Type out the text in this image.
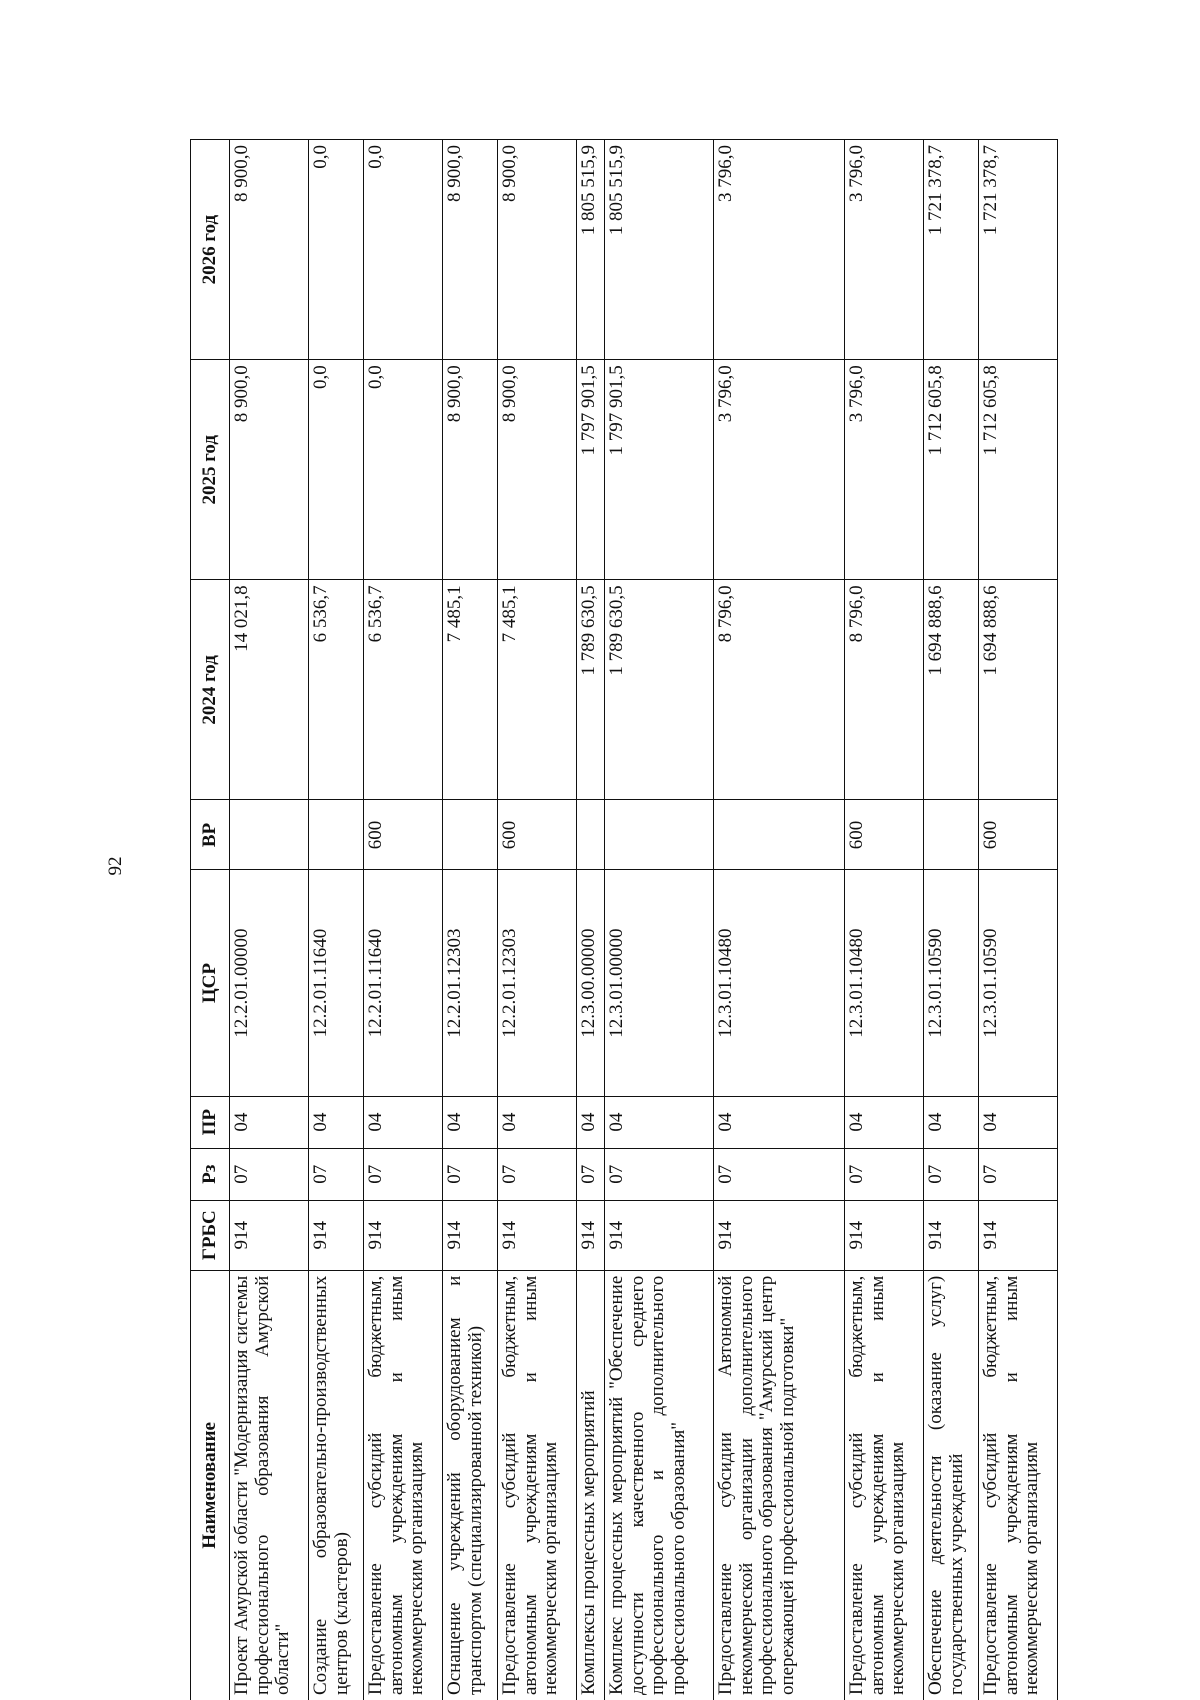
92
Наименование	ГРБС	Рз	ПР	ЦСР	ВР	2024 год	2025 год	2026 год
Проект Амурской области "Модернизация системы профессионального образования Амурской области"	914	07	04	12.2.01.00000		14 021,8	8 900,0	8 900,0
Создание образовательно-производственных центров (кластеров)	914	07	04	12.2.01.11640		6 536,7	0,0	0,0
Предоставление субсидий бюджетным, автономным учреждениям и иным некоммерческим организациям	914	07	04	12.2.01.11640	600	6 536,7	0,0	0,0
Оснащение учреждений оборудованием и транспортом (специализированной техникой)	914	07	04	12.2.01.12303		7 485,1	8 900,0	8 900,0
Предоставление субсидий бюджетным, автономным учреждениям и иным некоммерческим организациям	914	07	04	12.2.01.12303	600	7 485,1	8 900,0	8 900,0
Комплексы процессных мероприятий	914	07	04	12.3.00.00000		1 789 630,5	1 797 901,5	1 805 515,9
Комплекс процессных мероприятий "Обеспечение доступности качественного среднего профессионального и дополнительного профессионального образования"	914	07	04	12.3.01.00000		1 789 630,5	1 797 901,5	1 805 515,9
Предоставление субсидии Автономной некоммерческой организации дополнительного профессионального образования "Амурский центр опережающей профессиональной подготовки"	914	07	04	12.3.01.10480		8 796,0	3 796,0	3 796,0
Предоставление субсидий бюджетным, автономным учреждениям и иным некоммерческим организациям	914	07	04	12.3.01.10480	600	8 796,0	3 796,0	3 796,0
Обеспечение деятельности (оказание услуг) государственных учреждений	914	07	04	12.3.01.10590		1 694 888,6	1 712 605,8	1 721 378,7
Предоставление субсидий бюджетным, автономным учреждениям и иным некоммерческим организациям	914	07	04	12.3.01.10590	600	1 694 888,6	1 712 605,8	1 721 378,7
